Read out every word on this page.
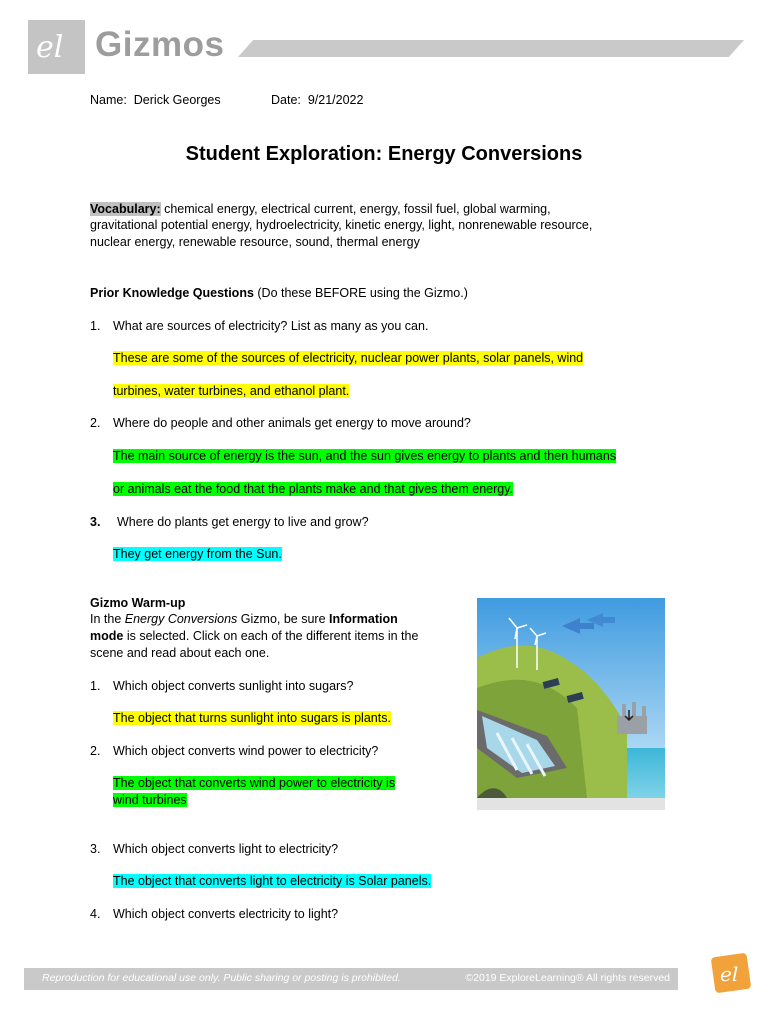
el Gizmos
Name: Derick Georges	Date: 9/21/2022
Student Exploration: Energy Conversions
Vocabulary: chemical energy, electrical current, energy, fossil fuel, global warming,
gravitational potential energy, hydroelectricity, kinetic energy, light, nonrenewable resource,
nuclear energy, renewable resource, sound, thermal energy
Prior Knowledge Questions (Do these BEFORE using the Gizmo.)
1. What are sources of electricity? List as many as you can.
These are some of the sources of electricity, nuclear power plants, solar panels, wind
turbines, water turbines, and ethanol plant.
2. Where do people and other animals get energy to move around?
The main source of energy is the sun, and the sun gives energy to plants and then humans
or animals eat the food that the plants make and that gives them energy.
3. Where do plants get energy to live and grow?
They get energy from the Sun.
Gizmo Warm-up
In the Energy Conversions Gizmo, be sure Information
mode is selected. Click on each of the different items in the
scene and read about each one.
1. Which object converts sunlight into sugars?
The object that turns sunlight into sugars is plants.
2. Which object converts wind power to electricity?
The object that converts wind power to electricity is
wind turbines
3. Which object converts light to electricity?
The object that converts light to electricity is Solar panels.
4. Which object converts electricity to light?
Reproduction for educational use only. Public sharing or posting is prohibited.	©2019 ExploreLearning® All rights reserved	el
